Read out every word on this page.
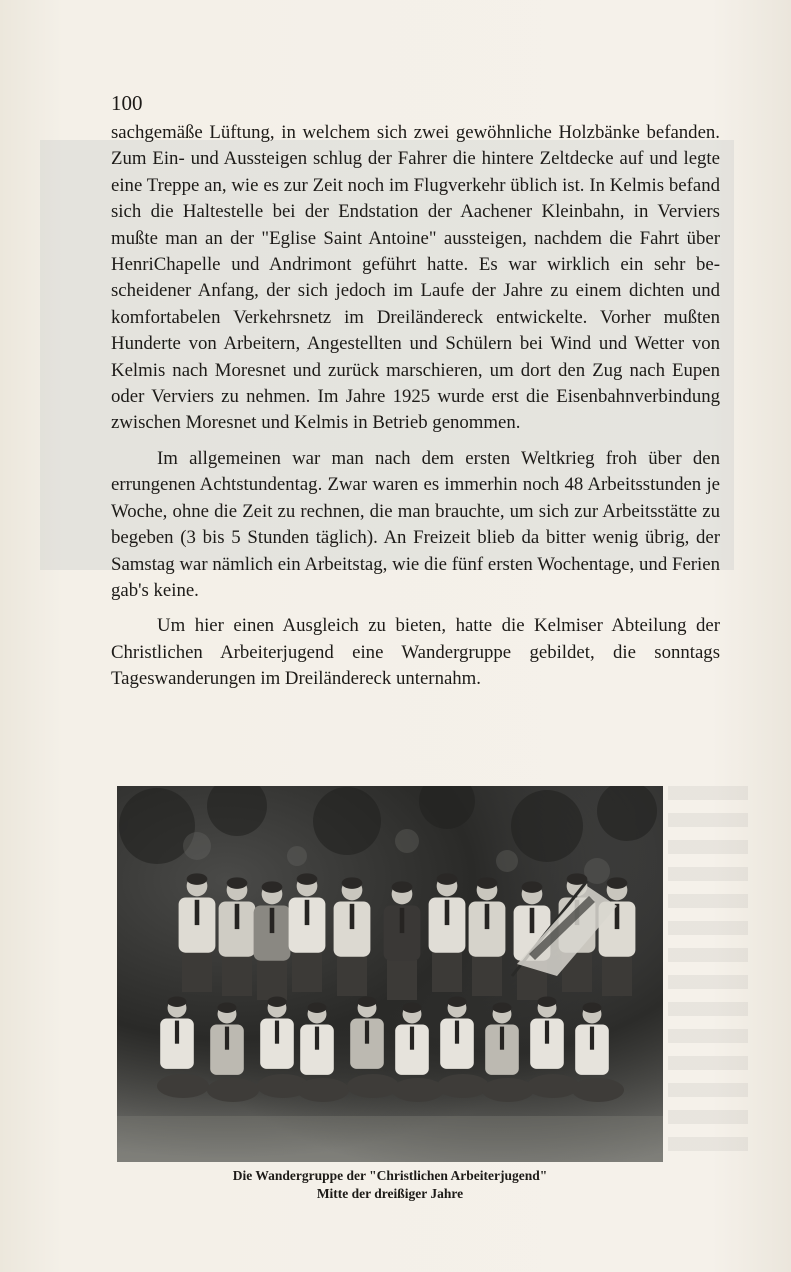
100

sachgemäße Lüftung, in welchem sich zwei gewöhnliche Holzbänke befanden. Zum Ein- und Aussteigen schlug der Fahrer die hintere Zeltdecke auf und legte eine Treppe an, wie es zur Zeit noch im Flugverkehr üblich ist. In Kelmis befand sich die Haltestelle bei der Endstation der Aachener Kleinbahn, in Verviers mußte man an der "Eglise Saint Antoine" aussteigen, nachdem die Fahrt über HenriChapelle und Andrimont geführt hatte. Es war wirklich ein sehr bescheidener Anfang, der sich jedoch im Laufe der Jahre zu einem dichten und komfortabelen Verkehrsnetz im Dreiländereck entwickelte. Vorher mußten Hunderte von Arbeitern, Angestellten und Schülern bei Wind und Wetter von Kelmis nach Moresnet und zurück marschieren, um dort den Zug nach Eupen oder Verviers zu nehmen. Im Jahre 1925 wurde erst die Eisenbahnverbindung zwischen Moresnet und Kelmis in Betrieb genommen.

Im allgemeinen war man nach dem ersten Weltkrieg froh über den errungenen Achtstundentag. Zwar waren es immerhin noch 48 Arbeitsstunden je Woche, ohne die Zeit zu rechnen, die man brauchte, um sich zur Arbeitsstätte zu begeben (3 bis 5 Stunden täglich). An Freizeit blieb da bitter wenig übrig, der Samstag war nämlich ein Arbeitstag, wie die fünf ersten Wochentage, und Ferien gab's keine.

Um hier einen Ausgleich zu bieten, hatte die Kelmiser Abteilung der Christlichen Arbeiterjugend eine Wandergruppe gebildet, die sonntags Tageswanderungen im Dreiländereck unternahm.

Die Wandergruppe der "Christlichen Arbeiterjugend"
Mitte der dreißiger Jahre
